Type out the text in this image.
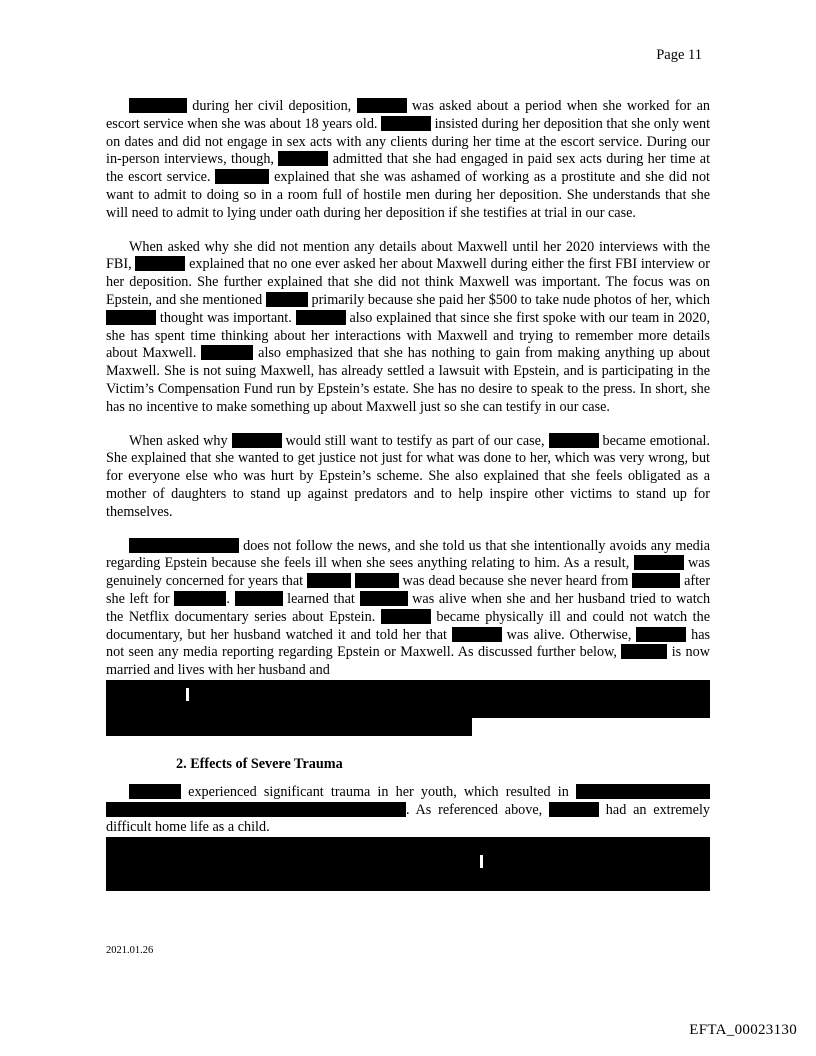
Page 11

during her civil deposition,	was asked about a period when she worked for an escort service when she was about 18 years old.	insisted during her deposition that she only went on dates and did not engage in sex acts with any clients during her time at the escort service. During our in-person interviews, though,	admitted that she had engaged in paid sex acts during her time at the escort service.	explained that she was ashamed of working as a prostitute and she did not want to admit to doing so in a room full of hostile men during her deposition. She understands that she will need to admit to lying under oath during her deposition if she testifies at trial in our case.

When asked why she did not mention any details about Maxwell until her 2020 interviews with the FBI,	explained that no one ever asked her about Maxwell during either the first FBI interview or her deposition. She further explained that she did not think Maxwell was important. The focus was on Epstein, and she mentioned	primarily because she paid her $500 to take nude photos of her, which  thought was important.	also explained that since she first spoke with our team in 2020, she has spent time thinking about her interactions with Maxwell and trying to remember more details about Maxwell.	also emphasized that she has nothing to gain from making anything up about Maxwell. She is not suing Maxwell, has already settled a lawsuit with Epstein, and is participating in the Victim’s Compensation Fund run by Epstein’s estate. She has no desire to speak to the press. In short, she has no incentive to make something up about Maxwell just so she can testify in our case.

When asked why	would still want to testify as part of our case,	became emotional. She explained that she wanted to get justice not just for what was done to her, which was very wrong, but for everyone else who was hurt by Epstein’s scheme. She also explained that she feels obligated as a mother of daughters to stand up against predators and to help inspire other victims to stand up for themselves.

does not follow the news, and she told us that she intentionally avoids any media regarding Epstein because she feels ill when she sees anything relating to him. As a result,	was genuinely concerned for years that	was dead because she never heard from	after she left for	.	learned that	was alive when she and her husband tried to watch the Netflix documentary series about Epstein.	became physically ill and could not watch the documentary, but her husband watched it and told her that	was alive. Otherwise,	has not seen any media reporting regarding Epstein or Maxwell. As discussed further below,	is now married and lives with her husband and

2. Effects of Severe Trauma

experienced significant trauma in her youth, which resulted in  . As referenced above,	had an extremely difficult home life as a child.

2021.01.26
EFTA_00023130
